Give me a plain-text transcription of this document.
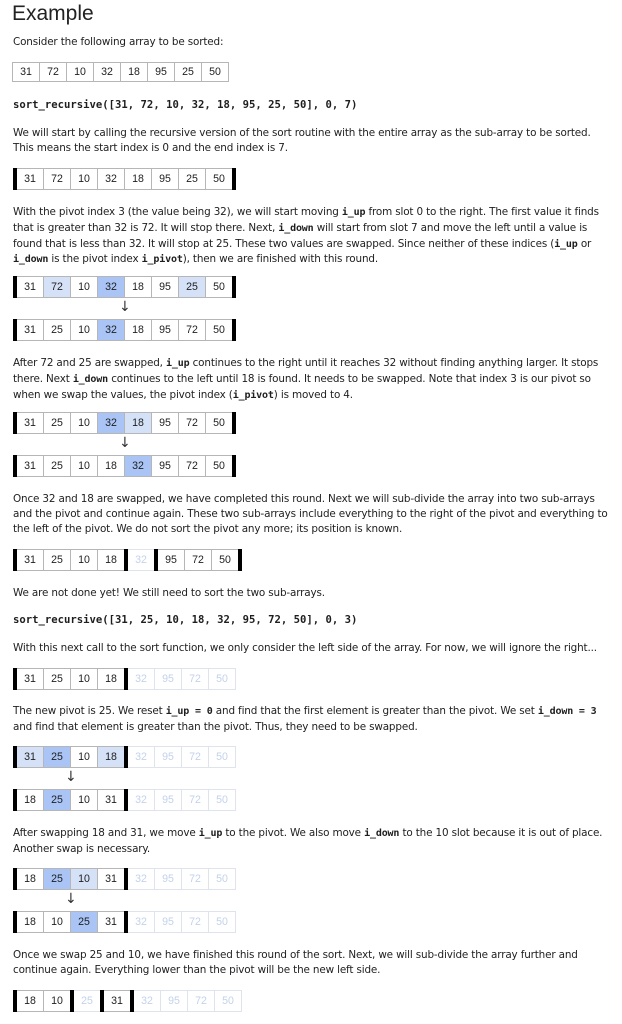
Example

Consider the following array to be sorted:

31	72	10	32	18	95	25	50
sort_recursive([31, 72, 10, 32, 18, 95, 25, 50], 0, 7)

We will start by calling the recursive version of the sort routine with the entire array as the sub-array to be sorted. This means the start index is 0 and the end index is 7.

31	72	10	32	18	95	25	50

With the pivot index 3 (the value being 32), we will start moving i_up from slot 0 to the right. The first value it finds that is greater than 32 is 72. It will stop there. Next, i_down will start from slot 7 and move the left until a value is found that is less than 32. It will stop at 25. These two values are swapped. Since neither of these indices (i_up or i_down is the pivot index i_pivot), then we are finished with this round.

31	72	10	32	18	95	25	50
↓
31	25	10	32	18	95	72	50

After 72 and 25 are swapped, i_up continues to the right until it reaches 32 without finding anything larger. It stops there. Next i_down continues to the left until 18 is found. It needs to be swapped. Note that index 3 is our pivot so when we swap the values, the pivot index (i_pivot) is moved to 4.

31	25	10	32	18	95	72	50
↓
31	25	10	18	32	95	72	50

Once 32 and 18 are swapped, we have completed this round. Next we will sub-divide the array into two sub-arrays and the pivot and continue again. These two sub-arrays include everything to the right of the pivot and everything to the left of the pivot. We do not sort the pivot any more; its position is known.

31	25	10	18	32	95	72	50

We are not done yet! We still need to sort the two sub-arrays.

sort_recursive([31, 25, 10, 18, 32, 95, 72, 50], 0, 3)

With this next call to the sort function, we only consider the left side of the array. For now, we will ignore the right...

31	25	10	18	32	95	72	50

The new pivot is 25. We reset i_up = 0 and find that the first element is greater than the pivot. We set i_down = 3 and find that element is greater than the pivot. Thus, they need to be swapped.

31	25	10	18	32	95	72	50
↓
18	25	10	31	32	95	72	50

After swapping 18 and 31, we move i_up to the pivot. We also move i_down to the 10 slot because it is out of place. Another swap is necessary.

18	25	10	31	32	95	72	50
↓
18	10	25	31	32	95	72	50

Once we swap 25 and 10, we have finished this round of the sort. Next, we will sub-divide the array further and continue again. Everything lower than the pivot will be the new left side.

18	10	25	31	32	95	72	50
